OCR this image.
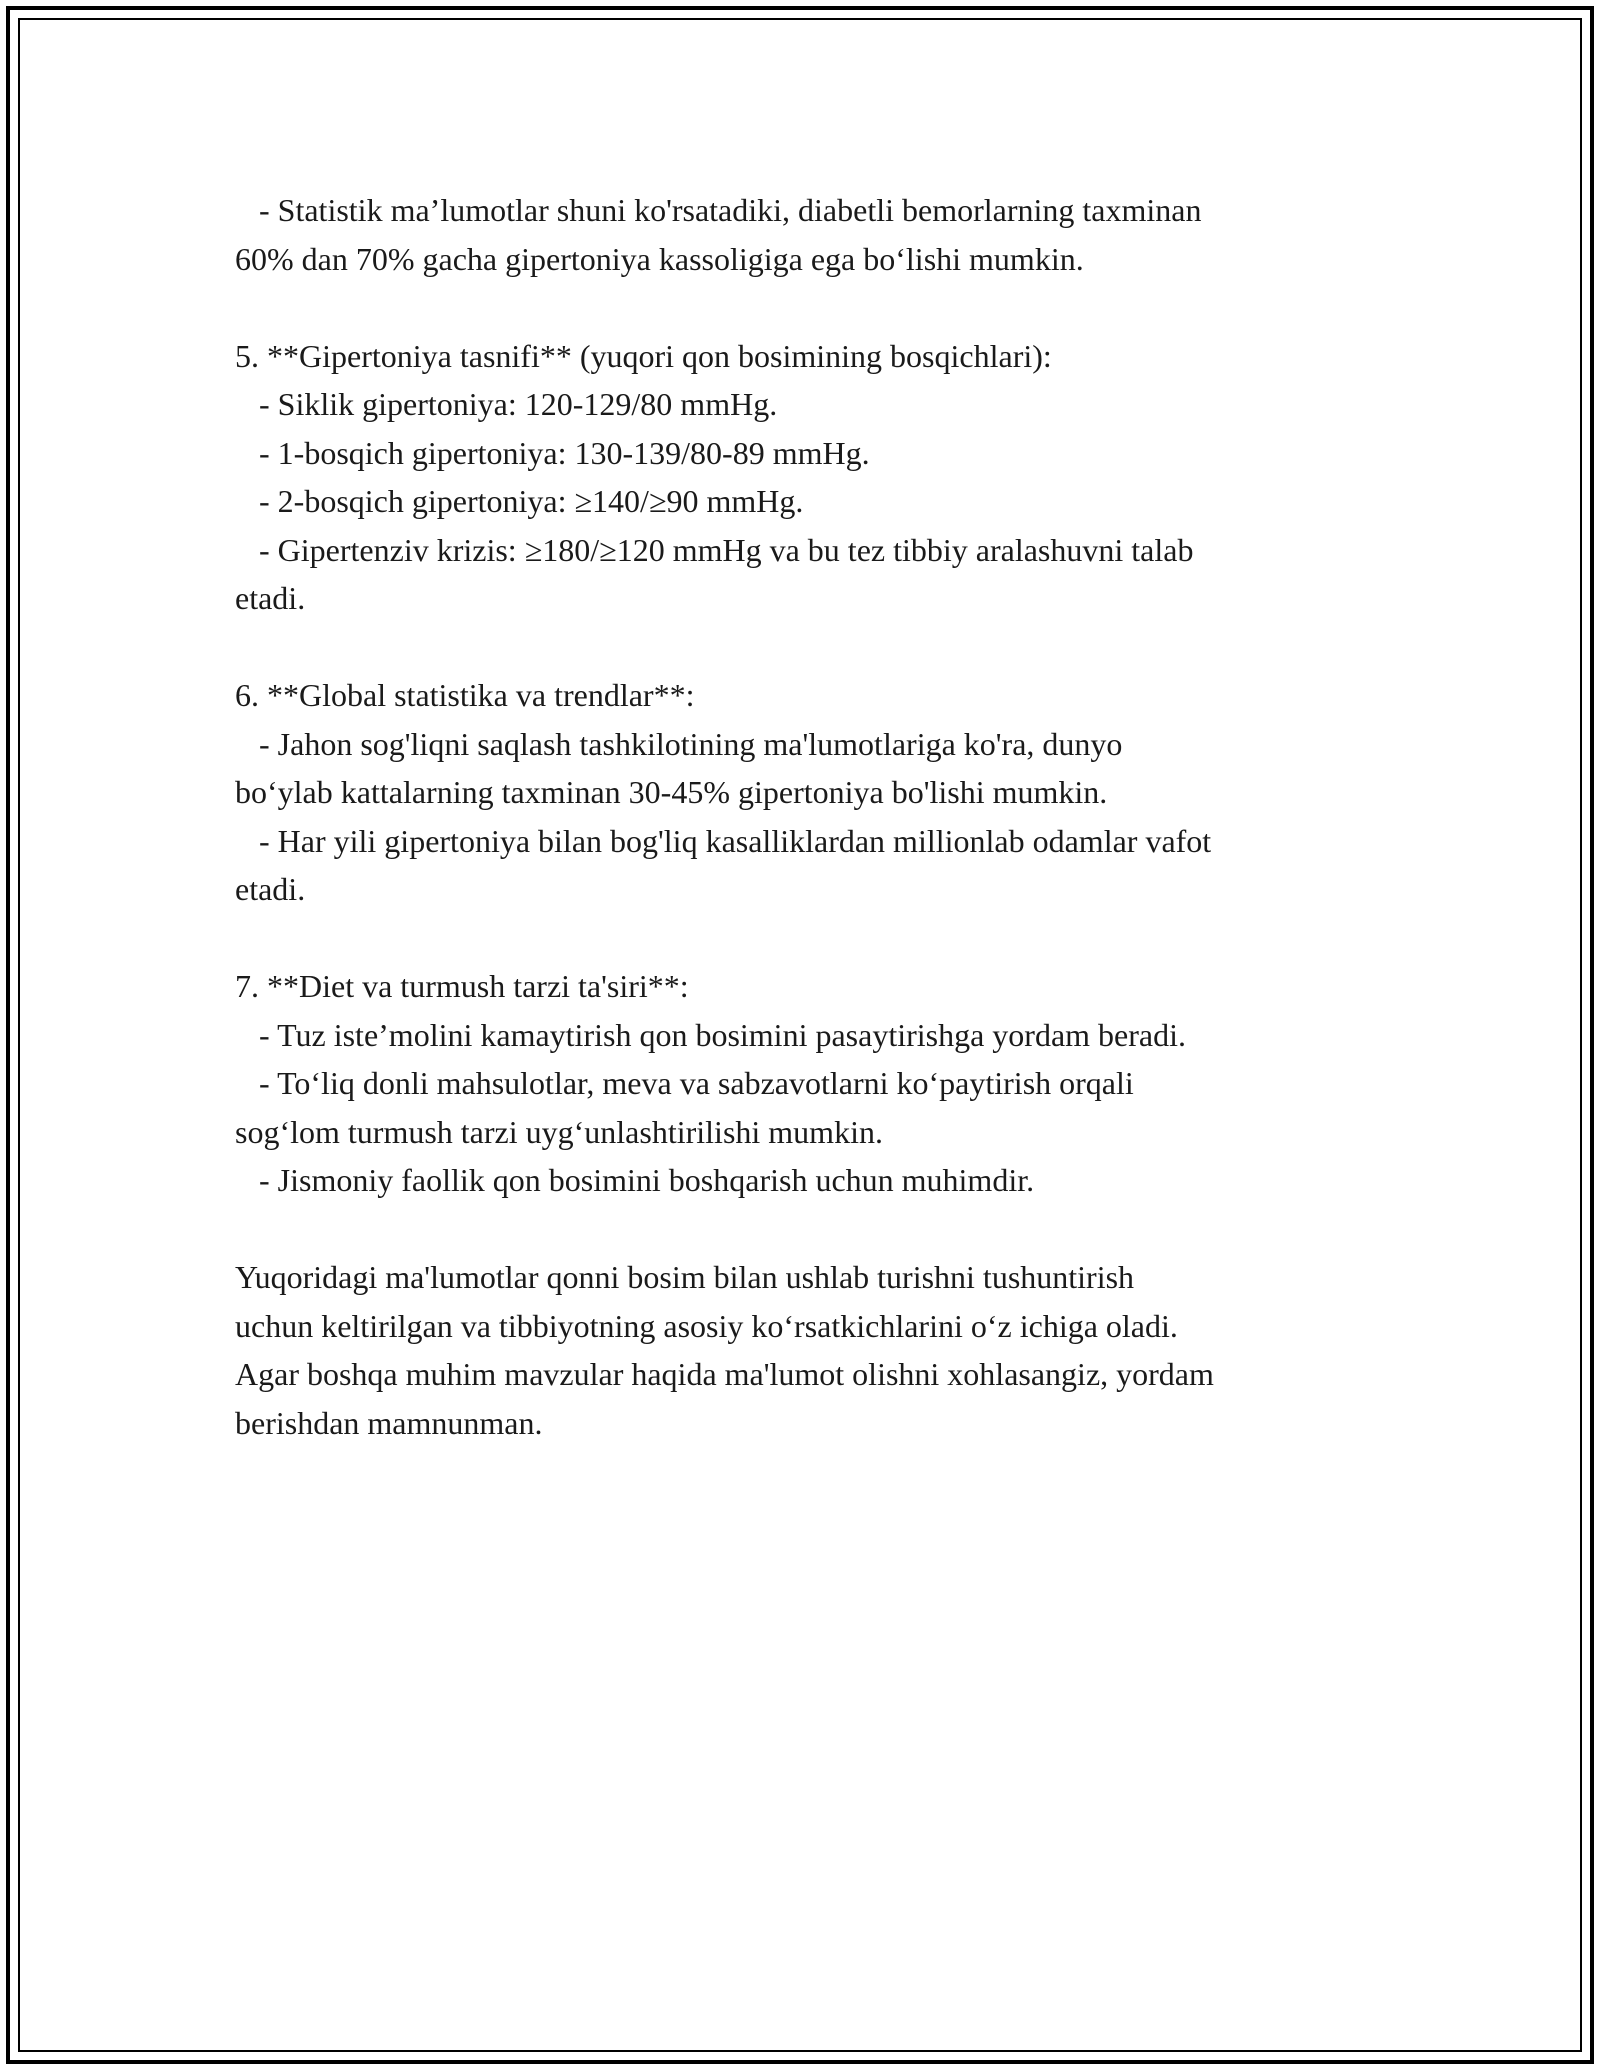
- Statistik ma’lumotlar shuni ko'rsatadiki, diabetli bemorlarning taxminan
60% dan 70% gacha gipertoniya kassoligiga ega bo‘lishi mumkin.
5. **Gipertoniya tasnifi** (yuqori qon bosimining bosqichlari):
- Siklik gipertoniya: 120-129/80 mmHg.
- 1-bosqich gipertoniya: 130-139/80-89 mmHg.
- 2-bosqich gipertoniya: ≥140/≥90 mmHg.
- Gipertenziv krizis: ≥180/≥120 mmHg va bu tez tibbiy aralashuvni talab
etadi.
6. **Global statistika va trendlar**:
- Jahon sog'liqni saqlash tashkilotining ma'lumotlariga ko'ra, dunyo
bo‘ylab kattalarning taxminan 30-45% gipertoniya bo'lishi mumkin.
- Har yili gipertoniya bilan bog'liq kasalliklardan millionlab odamlar vafot
etadi.
7. **Diet va turmush tarzi ta'siri**:
- Tuz iste’molini kamaytirish qon bosimini pasaytirishga yordam beradi.
- To‘liq donli mahsulotlar, meva va sabzavotlarni ko‘paytirish orqali
sog‘lom turmush tarzi uyg‘unlashtirilishi mumkin.
- Jismoniy faollik qon bosimini boshqarish uchun muhimdir.
Yuqoridagi ma'lumotlar qonni bosim bilan ushlab turishni tushuntirish
uchun keltirilgan va tibbiyotning asosiy ko‘rsatkichlarini o‘z ichiga oladi.
Agar boshqa muhim mavzular haqida ma'lumot olishni xohlasangiz, yordam
berishdan mamnunman.
